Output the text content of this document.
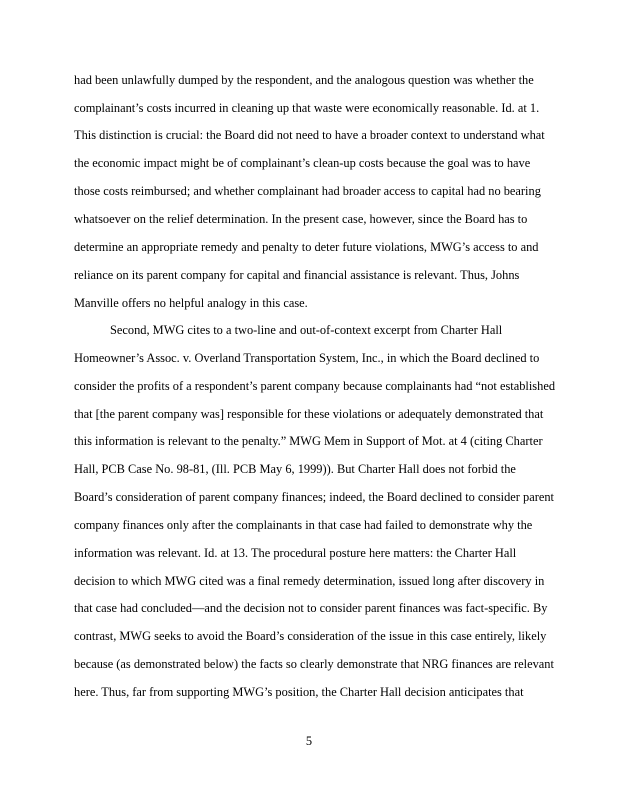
had been unlawfully dumped by the respondent, and the analogous question was whether the
complainant’s costs incurred in cleaning up that waste were economically reasonable. Id. at 1.
This distinction is crucial: the Board did not need to have a broader context to understand what
the economic impact might be of complainant’s clean-up costs because the goal was to have
those costs reimbursed; and whether complainant had broader access to capital had no bearing
whatsoever on the relief determination. In the present case, however, since the Board has to
determine an appropriate remedy and penalty to deter future violations, MWG’s access to and
reliance on its parent company for capital and financial assistance is relevant. Thus, Johns
Manville offers no helpful analogy in this case.
Second, MWG cites to a two-line and out-of-context excerpt from Charter Hall
Homeowner’s Assoc. v. Overland Transportation System, Inc., in which the Board declined to
consider the profits of a respondent’s parent company because complainants had “not established
that [the parent company was] responsible for these violations or adequately demonstrated that
this information is relevant to the penalty.” MWG Mem in Support of Mot. at 4 (citing Charter
Hall, PCB Case No. 98-81, (Ill. PCB May 6, 1999)). But Charter Hall does not forbid the
Board’s consideration of parent company finances; indeed, the Board declined to consider parent
company finances only after the complainants in that case had failed to demonstrate why the
information was relevant. Id. at 13. The procedural posture here matters: the Charter Hall
decision to which MWG cited was a final remedy determination, issued long after discovery in
that case had concluded—and the decision not to consider parent finances was fact-specific. By
contrast, MWG seeks to avoid the Board’s consideration of the issue in this case entirely, likely
because (as demonstrated below) the facts so clearly demonstrate that NRG finances are relevant
here. Thus, far from supporting MWG’s position, the Charter Hall decision anticipates that
5
